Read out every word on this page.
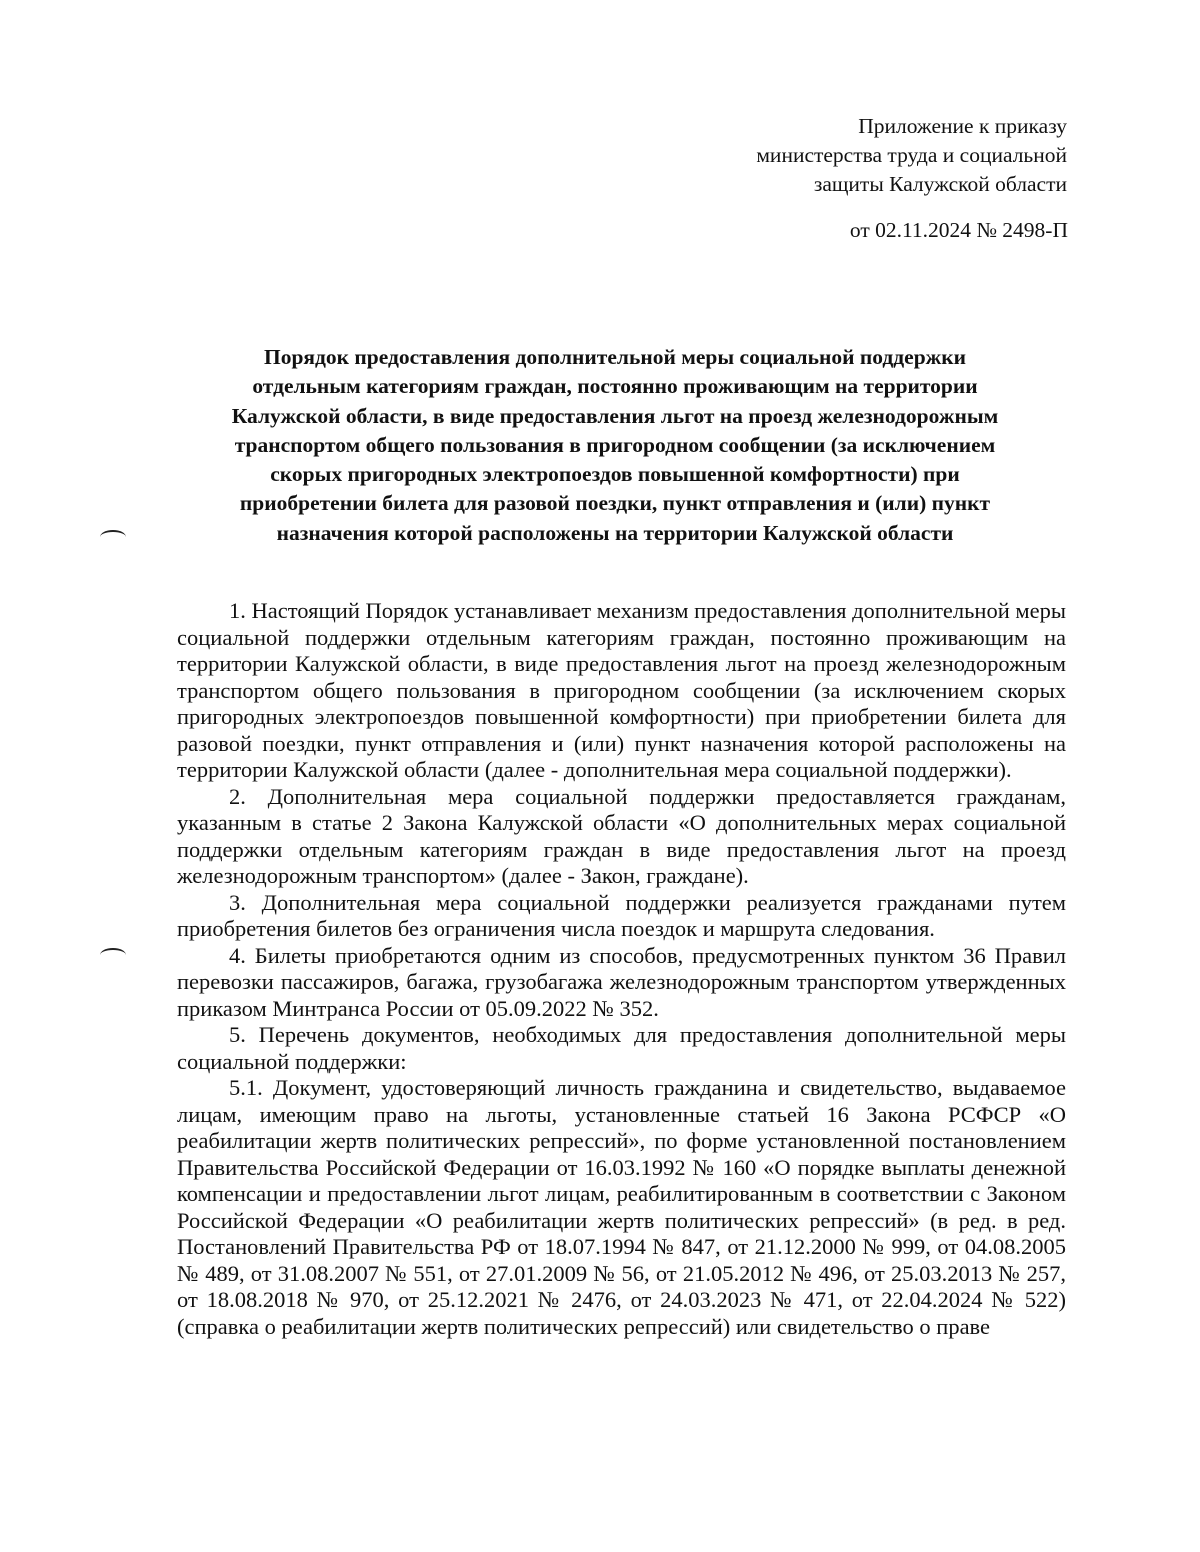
Приложение к приказу
министерства труда и социальной
защиты Калужской области
от 02.11.2024 № 2498-П
Порядок предоставления дополнительной меры социальной поддержки
отдельным категориям граждан, постоянно проживающим на территории
Калужской области, в виде предоставления льгот на проезд железнодорожным
транспортом общего пользования в пригородном сообщении (за исключением
скорых пригородных электропоездов повышенной комфортности) при
приобретении билета для разовой поездки, пункт отправления и (или) пункт
назначения которой расположены на территории Калужской области

1. Настоящий Порядок устанавливает механизм предоставления дополнительной меры социальной поддержки отдельным категориям граждан, постоянно проживающим на территории Калужской области, в виде предоставления льгот на проезд железнодорожным транспортом общего пользования в пригородном сообщении (за исключением скорых пригородных электропоездов повышенной комфортности) при приобретении билета для разовой поездки, пункт отправления и (или) пункт назначения которой расположены на территории Калужской области (далее - дополнительная мера социальной поддержки).

2. Дополнительная мера социальной поддержки предоставляется гражданам, указанным в статье 2 Закона Калужской области «О дополнительных мерах социальной поддержки отдельным категориям граждан в виде предоставления льгот на проезд железнодорожным транспортом» (далее - Закон, граждане).

3. Дополнительная мера социальной поддержки реализуется гражданами путем приобретения билетов без ограничения числа поездок и маршрута следования.

4. Билеты приобретаются одним из способов, предусмотренных пунктом 36 Правил перевозки пассажиров, багажа, грузобагажа железнодорожным транспортом утвержденных приказом Минтранса России от 05.09.2022 № 352.

5. Перечень документов, необходимых для предоставления дополнительной меры социальной поддержки:

5.1. Документ, удостоверяющий личность гражданина и свидетельство, выдаваемое лицам, имеющим право на льготы, установленные статьей 16 Закона РСФСР «О реабилитации жертв политических репрессий», по форме установленной постановлением Правительства Российской Федерации от 16.03.1992 № 160 «О порядке выплаты денежной компенсации и предоставлении льгот лицам, реабилитированным в соответствии с Законом Российской Федерации «О реабилитации жертв политических репрессий» (в ред. в ред. Постановлений Правительства РФ от 18.07.1994 № 847, от 21.12.2000 № 999, от 04.08.2005 № 489, от 31.08.2007 № 551, от 27.01.2009 № 56, от 21.05.2012 № 496, от 25.03.2013 № 257, от 18.08.2018 № 970, от 25.12.2021 № 2476, от 24.03.2023 № 471, от 22.04.2024 № 522) (справка о реабилитации жертв политических репрессий) или свидетельство о праве
